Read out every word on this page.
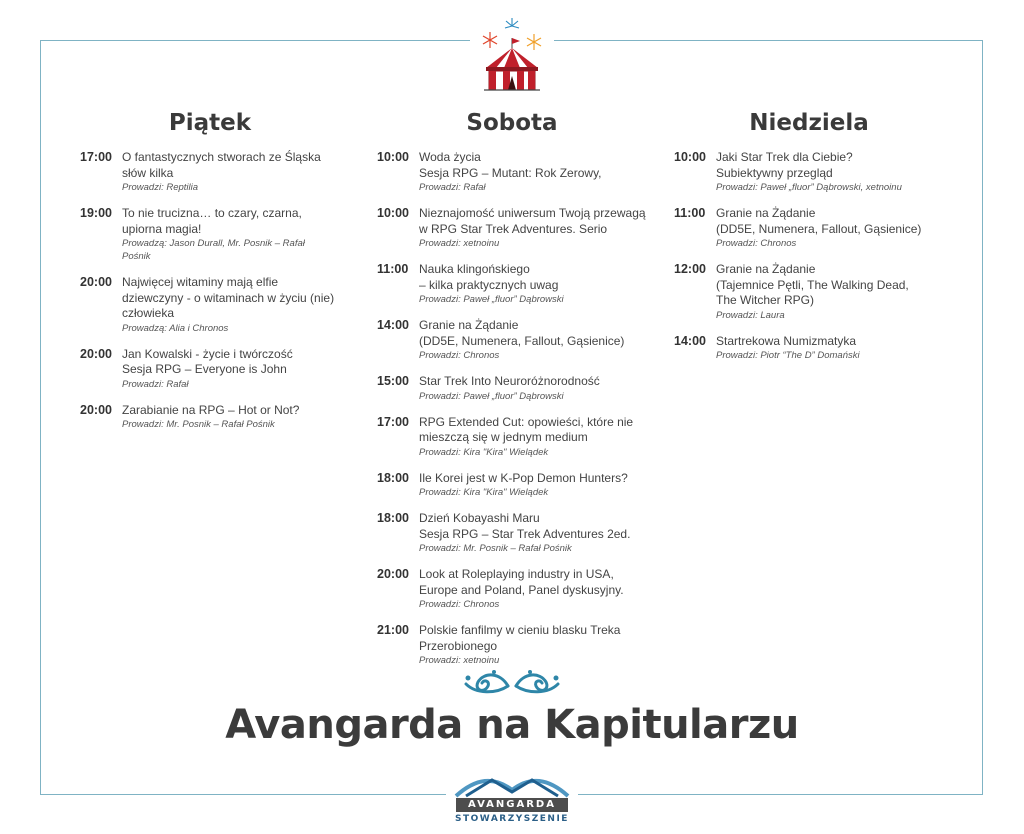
Piątek
17:00 O fantastycznych stworach ze Śląska
słów kilka
Prowadzi: Reptilia
19:00 To nie trucizna… to czary, czarna,
upiorna magia!
Prowadzą: Jason Durall, Mr. Posnik – Rafał
Pośnik
20:00 Najwięcej witaminy mają elfie
dziewczyny - o witaminach w życiu (nie)
człowieka
Prowadzą: Alia i Chronos
20:00 Jan Kowalski - życie i twórczość
Sesja RPG – Everyone is John
Prowadzi: Rafał
20:00 Zarabianie na RPG – Hot or Not?
Prowadzi: Mr. Posnik – Rafał Pośnik
Sobota
10:00 Woda życia
Sesja RPG – Mutant: Rok Zerowy,
Prowadzi: Rafał
10:00 Nieznajomość uniwersum Twoją przewagą
w RPG Star Trek Adventures. Serio
Prowadzi: xetnoinu
11:00 Nauka klingońskiego
– kilka praktycznych uwag
Prowadzi: Paweł „fluor” Dąbrowski
14:00 Granie na Żądanie
(DD5E, Numenera, Fallout, Gąsienice)
Prowadzi: Chronos
15:00 Star Trek Into Neuroróżnorodność
Prowadzi: Paweł „fluor” Dąbrowski
17:00 RPG Extended Cut: opowieści, które nie
mieszczą się w jednym medium
Prowadzi: Kira "Kira" Wielądek
18:00 Ile Korei jest w K-Pop Demon Hunters?
Prowadzi: Kira "Kira" Wielądek
18:00 Dzień Kobayashi Maru
Sesja RPG – Star Trek Adventures 2ed.
Prowadzi: Mr. Posnik – Rafał Pośnik
20:00 Look at Roleplaying industry in USA,
Europe and Poland, Panel dyskusyjny.
Prowadzi: Chronos
21:00 Polskie fanfilmy w cieniu blasku Treka
Przerobionego
Prowadzi: xetnoinu
Niedziela
10:00 Jaki Star Trek dla Ciebie?
Subiektywny przegląd
Prowadzi: Paweł „fluor” Dąbrowski, xetnoinu
11:00 Granie na Żądanie
(DD5E, Numenera, Fallout, Gąsienice)
Prowadzi: Chronos
12:00 Granie na Żądanie
(Tajemnice Pętli, The Walking Dead,
The Witcher RPG)
Prowadzi: Laura
14:00 Startrekowa Numizmatyka
Prowadzi: Piotr “The D” Domański
Avangarda na Kapitularzu
AVANGARDA
STOWARZYSZENIE
